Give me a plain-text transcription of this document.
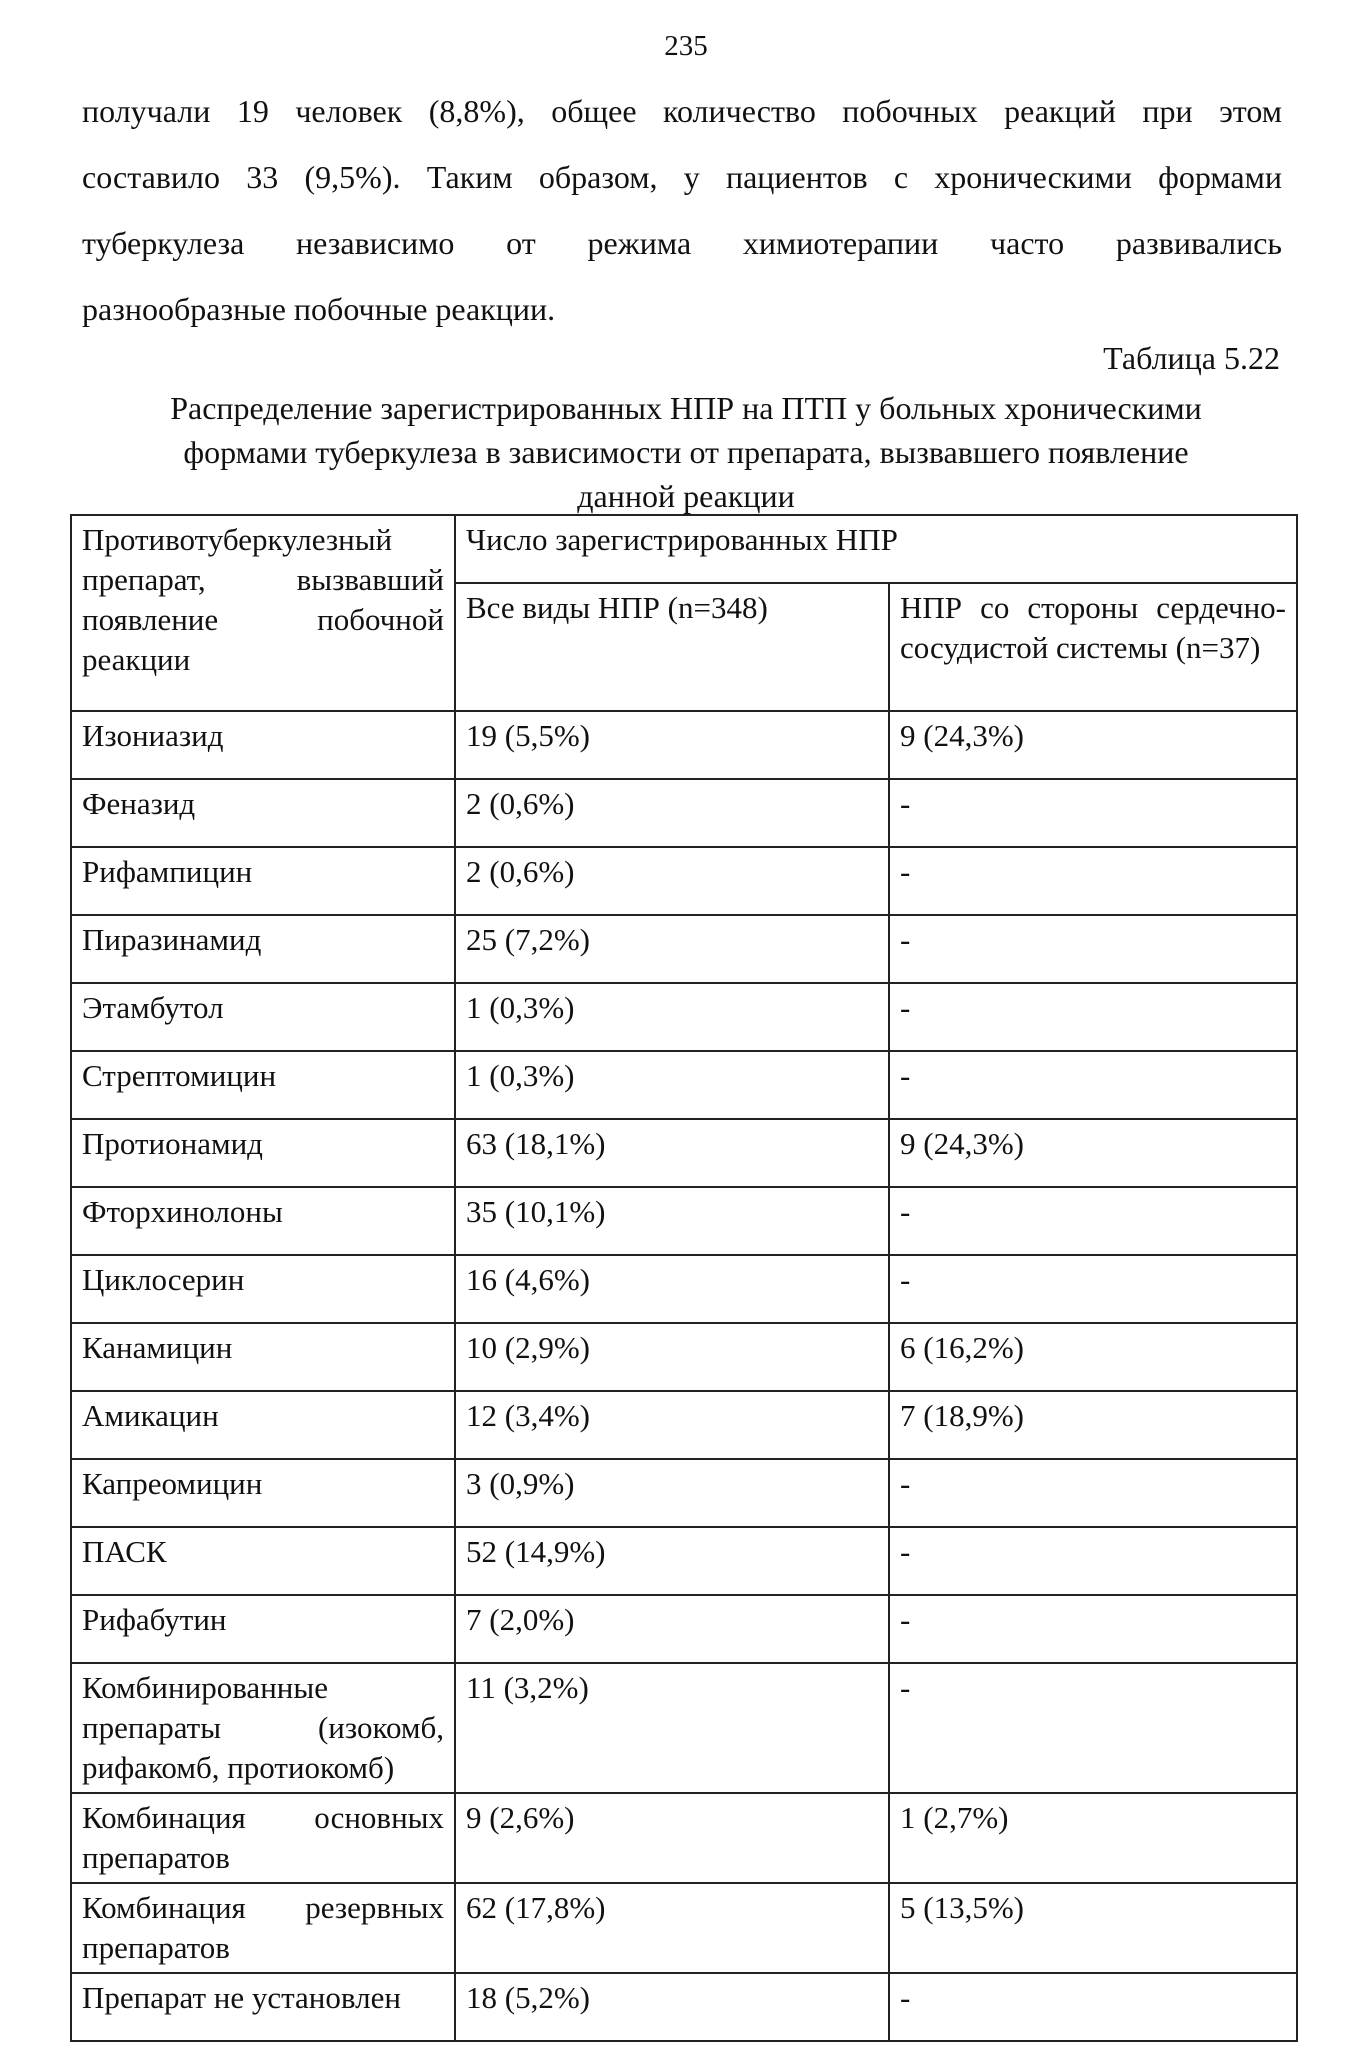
235
получали 19 человек (8,8%), общее количество побочных реакций при этом
составило 33 (9,5%). Таким образом, у пациентов с хроническими формами
туберкулеза независимо от режима химиотерапии часто развивались
разнообразные побочные реакции.
Таблица 5.22
Распределение зарегистрированных НПР на ПТП у больных хроническими
формами туберкулеза в зависимости от препарата, вызвавшего появление
данной реакции
Противотуберкулезный препарат, вызвавший появление побочной реакции	Число зарегистрированных НПР	
	Все виды НПР (n=348)	НПР со стороны сердечно-сосудистой системы (n=37)
Изониазид	19 (5,5%)	9 (24,3%)
Феназид	2 (0,6%)	-
Рифампицин	2 (0,6%)	-
Пиразинамид	25 (7,2%)	-
Этамбутол	1 (0,3%)	-
Стрептомицин	1 (0,3%)	-
Протионамид	63 (18,1%)	9 (24,3%)
Фторхинолоны	35 (10,1%)	-
Циклосерин	16 (4,6%)	-
Канамицин	10 (2,9%)	6 (16,2%)
Амикацин	12 (3,4%)	7 (18,9%)
Капреомицин	3 (0,9%)	-
ПАСК	52 (14,9%)	-
Рифабутин	7 (2,0%)	-
Комбинированные препараты (изокомб, рифакомб, протиокомб)	11 (3,2%)	-
Комбинация основных препаратов	9 (2,6%)	1 (2,7%)
Комбинация резервных препаратов	62 (17,8%)	5 (13,5%)
Препарат не установлен	18 (5,2%)	-
